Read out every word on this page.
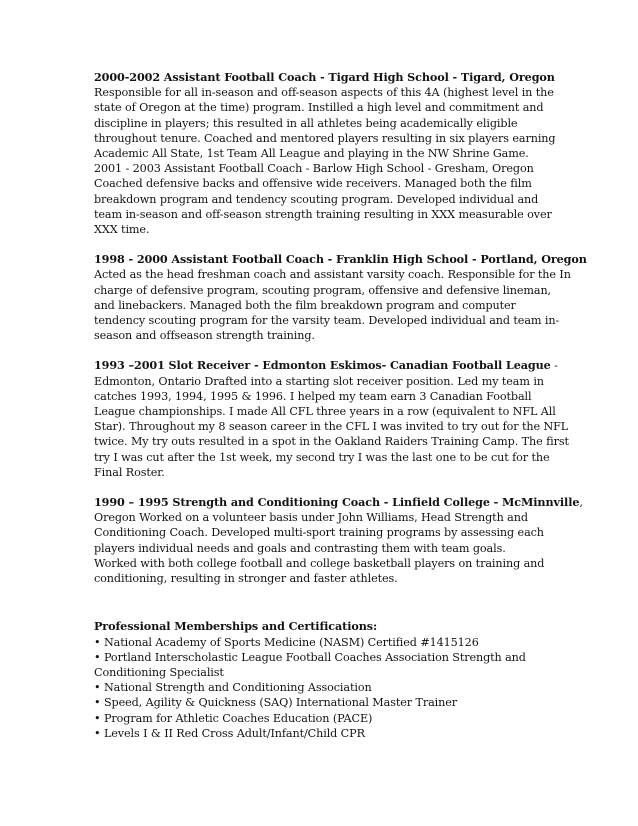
2000-2002 Assistant Football Coach - Tigard High School - Tigard, Oregon
Responsible for all in-season and off-season aspects of this 4A (highest level in the
state of Oregon at the time) program. Instilled a high level and commitment and
discipline in players; this resulted in all athletes being academically eligible
throughout tenure. Coached and mentored players resulting in six players earning
Academic All State, 1st Team All League and playing in the NW Shrine Game.
2001 - 2003 Assistant Football Coach - Barlow High School - Gresham, Oregon
Coached defensive backs and offensive wide receivers. Managed both the film
breakdown program and tendency scouting program. Developed individual and
team in-season and off-season strength training resulting in XXX measurable over
XXX time.
1998 - 2000 Assistant Football Coach - Franklin High School - Portland, Oregon
Acted as the head freshman coach and assistant varsity coach. Responsible for the In
charge of defensive program, scouting program, offensive and defensive lineman,
and linebackers. Managed both the film breakdown program and computer
tendency scouting program for the varsity team. Developed individual and team in-
season and offseason strength training.
1993 –2001 Slot Receiver - Edmonton Eskimos- Canadian Football League -
Edmonton, Ontario Drafted into a starting slot receiver position. Led my team in
catches 1993, 1994, 1995 & 1996. I helped my team earn 3 Canadian Football
League championships. I made All CFL three years in a row (equivalent to NFL All
Star). Throughout my 8 season career in the CFL I was invited to try out for the NFL
twice. My try outs resulted in a spot in the Oakland Raiders Training Camp. The first
try I was cut after the 1st week, my second try I was the last one to be cut for the
Final Roster.
1990 – 1995 Strength and Conditioning Coach - Linfield College - McMinnville,
Oregon Worked on a volunteer basis under John Williams, Head Strength and
Conditioning Coach. Developed multi-sport training programs by assessing each
players individual needs and goals and contrasting them with team goals.
Worked with both college football and college basketball players on training and
conditioning, resulting in stronger and faster athletes.
Professional Memberships and Certifications:
• National Academy of Sports Medicine (NASM) Certified #1415126
• Portland Interscholastic League Football Coaches Association Strength and
Conditioning Specialist
• National Strength and Conditioning Association
• Speed, Agility & Quickness (SAQ) International Master Trainer
• Program for Athletic Coaches Education (PACE)
• Levels I & II Red Cross Adult/Infant/Child CPR
